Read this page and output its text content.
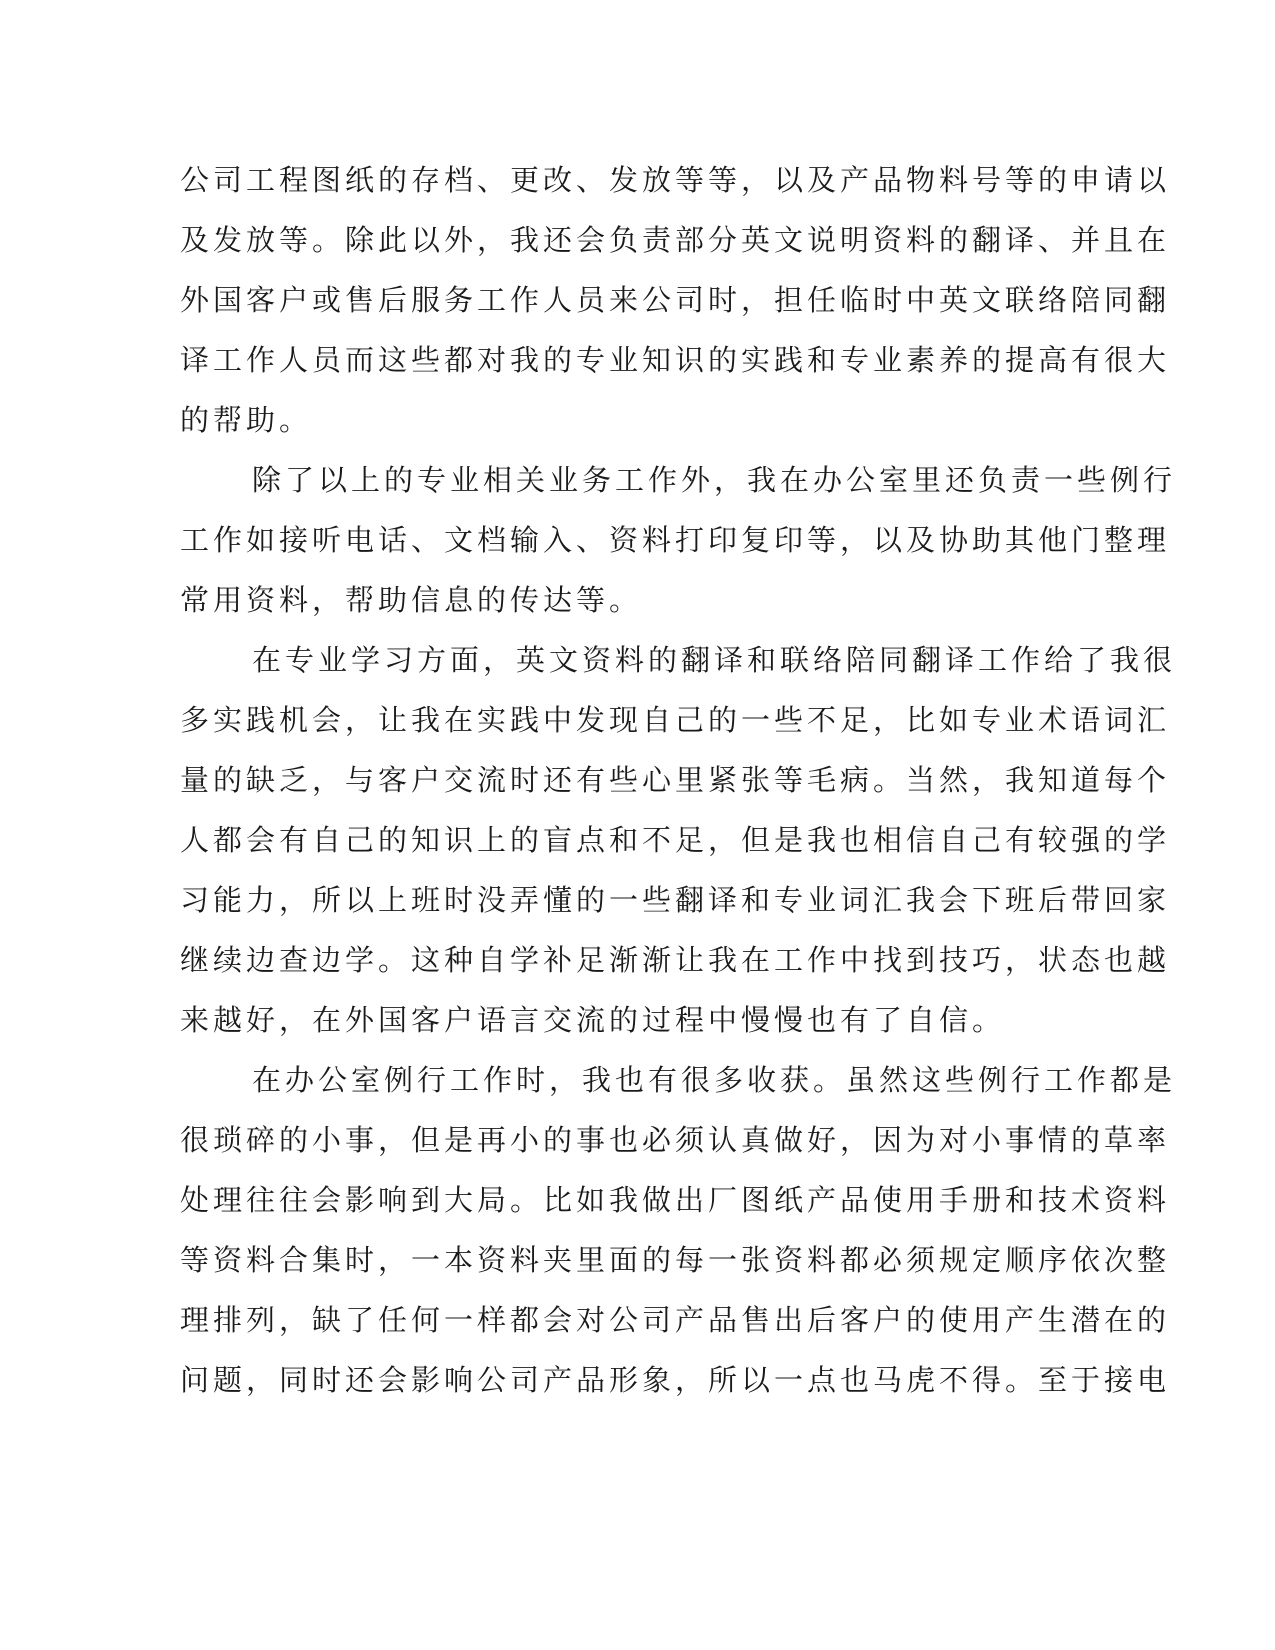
公司工程图纸的存档、更改、发放等等，以及产品物料号等的申请以
及发放等。除此以外，我还会负责部分英文说明资料的翻译、并且在
外国客户或售后服务工作人员来公司时，担任临时中英文联络陪同翻
译工作人员而这些都对我的专业知识的实践和专业素养的提高有很大
的帮助。
除了以上的专业相关业务工作外，我在办公室里还负责一些例行
工作如接听电话、文档输入、资料打印复印等，以及协助其他门整理
常用资料，帮助信息的传达等。
在专业学习方面，英文资料的翻译和联络陪同翻译工作给了我很
多实践机会，让我在实践中发现自己的一些不足，比如专业术语词汇
量的缺乏，与客户交流时还有些心里紧张等毛病。当然，我知道每个
人都会有自己的知识上的盲点和不足，但是我也相信自己有较强的学
习能力，所以上班时没弄懂的一些翻译和专业词汇我会下班后带回家
继续边查边学。这种自学补足渐渐让我在工作中找到技巧，状态也越
来越好，在外国客户语言交流的过程中慢慢也有了自信。
在办公室例行工作时，我也有很多收获。虽然这些例行工作都是
很琐碎的小事，但是再小的事也必须认真做好，因为对小事情的草率
处理往往会影响到大局。比如我做出厂图纸产品使用手册和技术资料
等资料合集时，一本资料夹里面的每一张资料都必须规定顺序依次整
理排列，缺了任何一样都会对公司产品售出后客户的使用产生潜在的
问题，同时还会影响公司产品形象，所以一点也马虎不得。至于接电
